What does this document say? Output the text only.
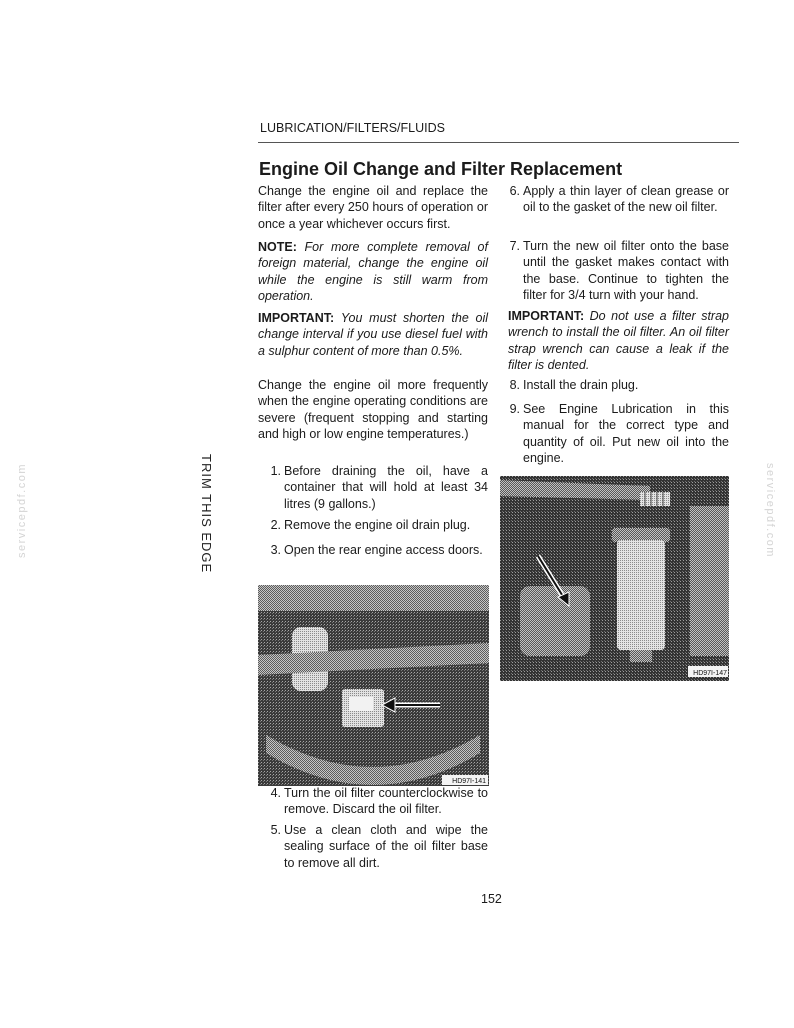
LUBRICATION/FILTERS/FLUIDS
Engine Oil Change and Filter Replacement

Change the engine oil and replace the filter after every 250 hours of operation or once a year whichever occurs first.

NOTE: For more complete removal of foreign material, change the engine oil while the engine is still warm from operation.

IMPORTANT: You must shorten the oil change interval if you use diesel fuel with a sulphur content of more than 0.5%.

Change the engine oil more frequently when the engine operating conditions are severe (frequent stopping and starting and high or low engine temperatures.)

1. Before draining the oil, have a container that will hold at least 34 litres (9 gallons.)
2. Remove the engine oil drain plug.
3. Open the rear engine access doors.
HD97I-141
4. Turn the oil filter counterclockwise to remove. Discard the oil filter.
5. Use a clean cloth and wipe the sealing surface of the oil filter base to remove all dirt.
6. Apply a thin layer of clean grease or oil to the gasket of the new oil filter.
7. Turn the new oil filter onto the base until the gasket makes contact with the base. Continue to tighten the filter for 3/4 turn with your hand.

IMPORTANT: Do not use a filter strap wrench to install the oil filter. An oil filter strap wrench can cause a leak if the filter is dented.

8. Install the drain plug.
9. See Engine Lubrication in this manual for the correct type and quantity of oil. Put new oil into the engine.
HD97I-147
152
TRIM THIS EDGE
servicepdf.com	servicepdf.com
